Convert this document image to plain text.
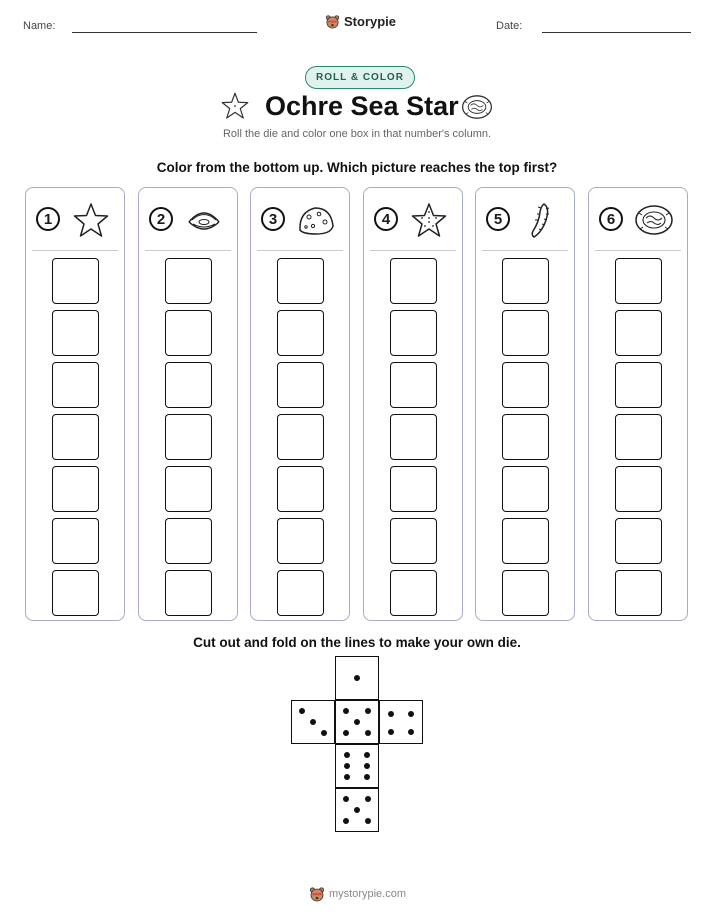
Name:	Storypie	Date:
ROLL & COLOR
Ochre Sea Star
Roll the die and color one box in that number's column.
Color from the bottom up. Which picture reaches the top first?
1	2	3	4	5	6
Cut out and fold on the lines to make your own die.
mystorypie.com
